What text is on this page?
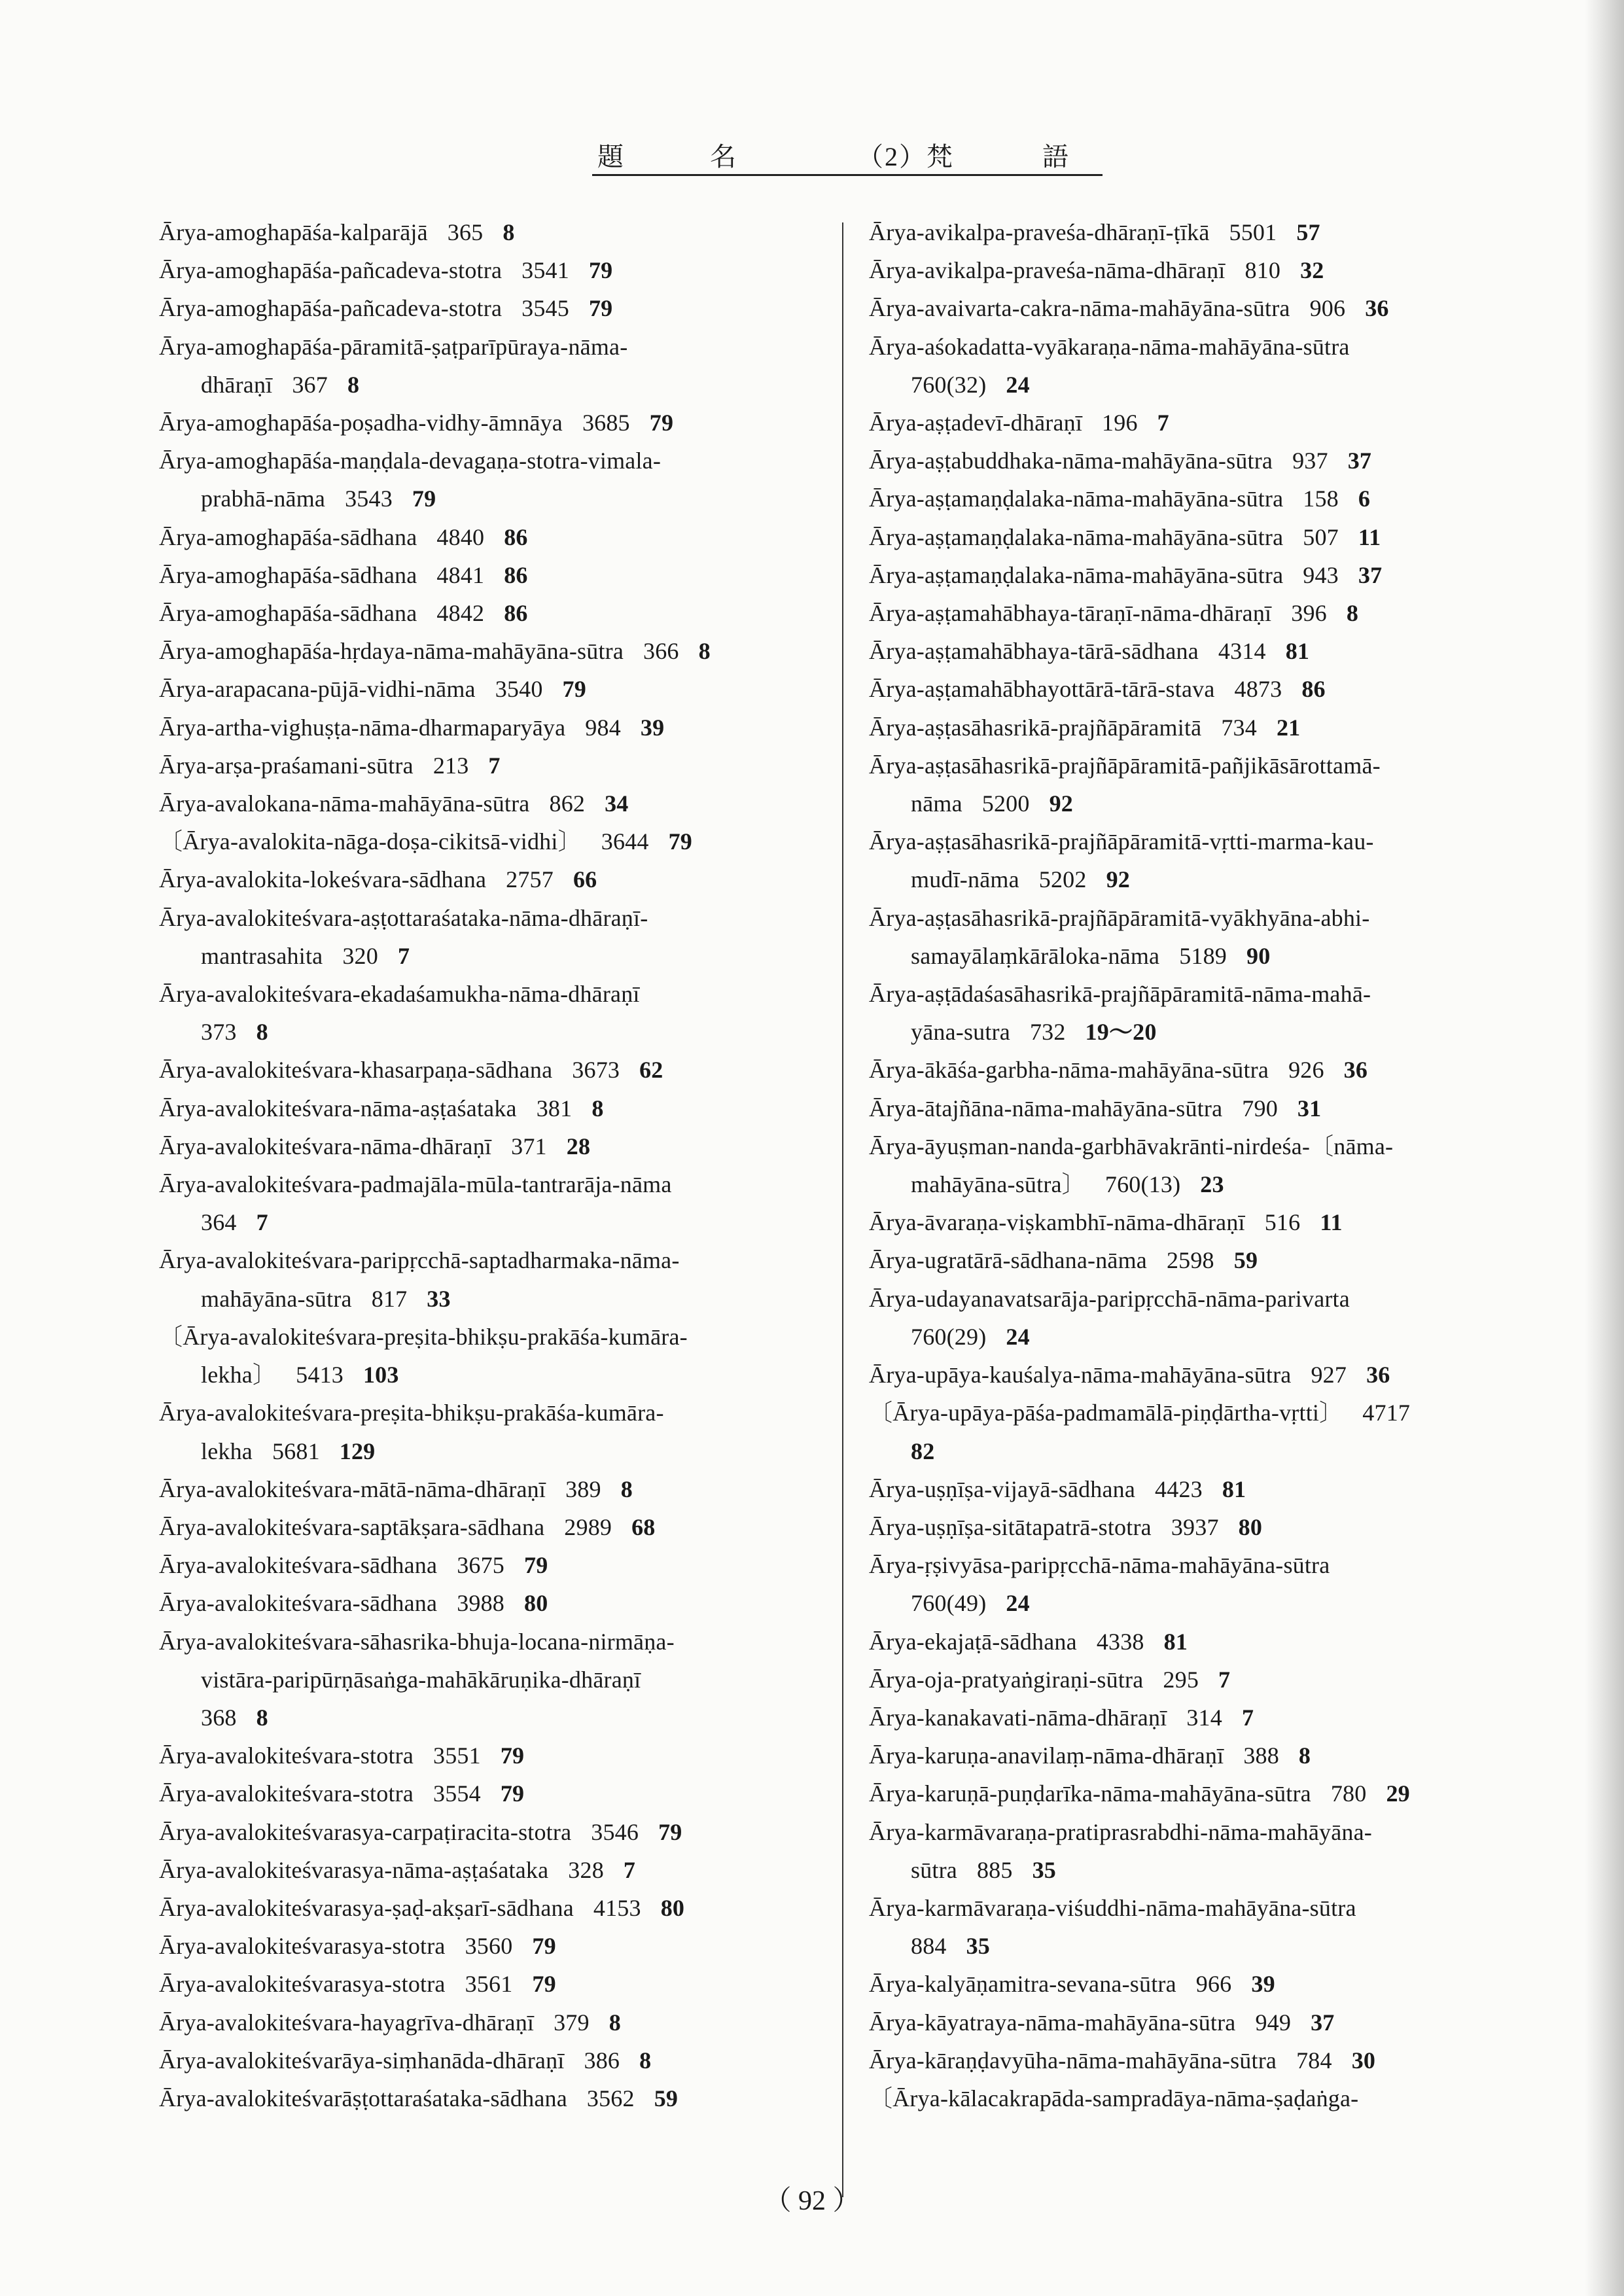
題	名	（2）梵	語
Ārya-amoghapāśa-kalparājā 365 8
Ārya-amoghapāśa-pañcadeva-stotra 3541 79
Ārya-amoghapāśa-pañcadeva-stotra 3545 79
Ārya-amoghapāśa-pāramitā-ṣaṭparīpūraya-nāma-
dhāraṇī 367 8
Ārya-amoghapāśa-poṣadha-vidhy-āmnāya 3685 79
Ārya-amoghapāśa-maṇḍala-devagaṇa-stotra-vimala-
prabhā-nāma 3543 79
Ārya-amoghapāśa-sādhana 4840 86
Ārya-amoghapāśa-sādhana 4841 86
Ārya-amoghapāśa-sādhana 4842 86
Ārya-amoghapāśa-hṛdaya-nāma-mahāyāna-sūtra 366 8
Ārya-arapacana-pūjā-vidhi-nāma 3540 79
Ārya-artha-vighuṣṭa-nāma-dharmaparyāya 984 39
Ārya-arṣa-praśamani-sūtra 213 7
Ārya-avalokana-nāma-mahāyāna-sūtra 862 34
〔Ārya-avalokita-nāga-doṣa-cikitsā-vidhi〕 3644 79
Ārya-avalokita-lokeśvara-sādhana 2757 66
Ārya-avalokiteśvara-aṣṭottaraśataka-nāma-dhāraṇī-
mantrasahita 320 7
Ārya-avalokiteśvara-ekadaśamukha-nāma-dhāraṇī
373 8
Ārya-avalokiteśvara-khasarpaṇa-sādhana 3673 62
Ārya-avalokiteśvara-nāma-aṣṭaśataka 381 8
Ārya-avalokiteśvara-nāma-dhāraṇī 371 28
Ārya-avalokiteśvara-padmajāla-mūla-tantrarāja-nāma
364 7
Ārya-avalokiteśvara-paripṛcchā-saptadharmaka-nāma-
mahāyāna-sūtra 817 33
〔Ārya-avalokiteśvara-preṣita-bhikṣu-prakāśa-kumāra-
lekha〕 5413 103
Ārya-avalokiteśvara-preṣita-bhikṣu-prakāśa-kumāra-
lekha 5681 129
Ārya-avalokiteśvara-mātā-nāma-dhāraṇī 389 8
Ārya-avalokiteśvara-saptākṣara-sādhana 2989 68
Ārya-avalokiteśvara-sādhana 3675 79
Ārya-avalokiteśvara-sādhana 3988 80
Ārya-avalokiteśvara-sāhasrika-bhuja-locana-nirmāṇa-
vistāra-paripūrṇāsaṅga-mahākāruṇika-dhāraṇī
368 8
Ārya-avalokiteśvara-stotra 3551 79
Ārya-avalokiteśvara-stotra 3554 79
Ārya-avalokiteśvarasya-carpaṭiracita-stotra 3546 79
Ārya-avalokiteśvarasya-nāma-aṣṭaśataka 328 7
Ārya-avalokiteśvarasya-ṣaḍ-akṣarī-sādhana 4153 80
Ārya-avalokiteśvarasya-stotra 3560 79
Ārya-avalokiteśvarasya-stotra 3561 79
Ārya-avalokiteśvara-hayagrīva-dhāraṇī 379 8
Ārya-avalokiteśvarāya-siṃhanāda-dhāraṇī 386 8
Ārya-avalokiteśvarāṣṭottaraśataka-sādhana 3562 59
Ārya-avikalpa-praveśa-dhāraṇī-ṭīkā 5501 57
Ārya-avikalpa-praveśa-nāma-dhāraṇī 810 32
Ārya-avaivarta-cakra-nāma-mahāyāna-sūtra 906 36
Ārya-aśokadatta-vyākaraṇa-nāma-mahāyāna-sūtra
760(32) 24
Ārya-aṣṭadevī-dhāraṇī 196 7
Ārya-aṣṭabuddhaka-nāma-mahāyāna-sūtra 937 37
Ārya-aṣṭamaṇḍalaka-nāma-mahāyāna-sūtra 158 6
Ārya-aṣṭamaṇḍalaka-nāma-mahāyāna-sūtra 507 11
Ārya-aṣṭamaṇḍalaka-nāma-mahāyāna-sūtra 943 37
Ārya-aṣṭamahābhaya-tāraṇī-nāma-dhāraṇī 396 8
Ārya-aṣṭamahābhaya-tārā-sādhana 4314 81
Ārya-aṣṭamahābhayottārā-tārā-stava 4873 86
Ārya-aṣṭasāhasrikā-prajñāpāramitā 734 21
Ārya-aṣṭasāhasrikā-prajñāpāramitā-pañjikāsārottamā-
nāma 5200 92
Ārya-aṣṭasāhasrikā-prajñāpāramitā-vṛtti-marma-kau-
mudī-nāma 5202 92
Ārya-aṣṭasāhasrikā-prajñāpāramitā-vyākhyāna-abhi-
samayālaṃkārāloka-nāma 5189 90
Ārya-aṣṭādaśasāhasrikā-prajñāpāramitā-nāma-mahā-
yāna-sutra 732 19～20
Ārya-ākāśa-garbha-nāma-mahāyāna-sūtra 926 36
Ārya-ātajñāna-nāma-mahāyāna-sūtra 790 31
Ārya-āyuṣman-nanda-garbhāvakrānti-nirdeśa-〔nāma-
mahāyāna-sūtra〕 760(13) 23
Ārya-āvaraṇa-viṣkambhī-nāma-dhāraṇī 516 11
Ārya-ugratārā-sādhana-nāma 2598 59
Ārya-udayanavatsarāja-paripṛcchā-nāma-parivarta
760(29) 24
Ārya-upāya-kauśalya-nāma-mahāyāna-sūtra 927 36
〔Ārya-upāya-pāśa-padmamālā-piṇḍārtha-vṛtti〕 4717
82
Ārya-uṣṇīṣa-vijayā-sādhana 4423 81
Ārya-uṣṇīṣa-sitātapatrā-stotra 3937 80
Ārya-ṛṣivyāsa-paripṛcchā-nāma-mahāyāna-sūtra
760(49) 24
Ārya-ekajaṭā-sādhana 4338 81
Ārya-oja-pratyaṅgiraṇi-sūtra 295 7
Ārya-kanakavati-nāma-dhāraṇī 314 7
Ārya-karuṇa-anavilaṃ-nāma-dhāraṇī 388 8
Ārya-karuṇā-puṇḍarīka-nāma-mahāyāna-sūtra 780 29
Ārya-karmāvaraṇa-pratiprasrabdhi-nāma-mahāyāna-
sūtra 885 35
Ārya-karmāvaraṇa-viśuddhi-nāma-mahāyāna-sūtra
884 35
Ārya-kalyāṇamitra-sevana-sūtra 966 39
Ārya-kāyatraya-nāma-mahāyāna-sūtra 949 37
Ārya-kāraṇḍavyūha-nāma-mahāyāna-sūtra 784 30
〔Ārya-kālacakrapāda-sampradāya-nāma-ṣaḍaṅga-
（ 92 ）
